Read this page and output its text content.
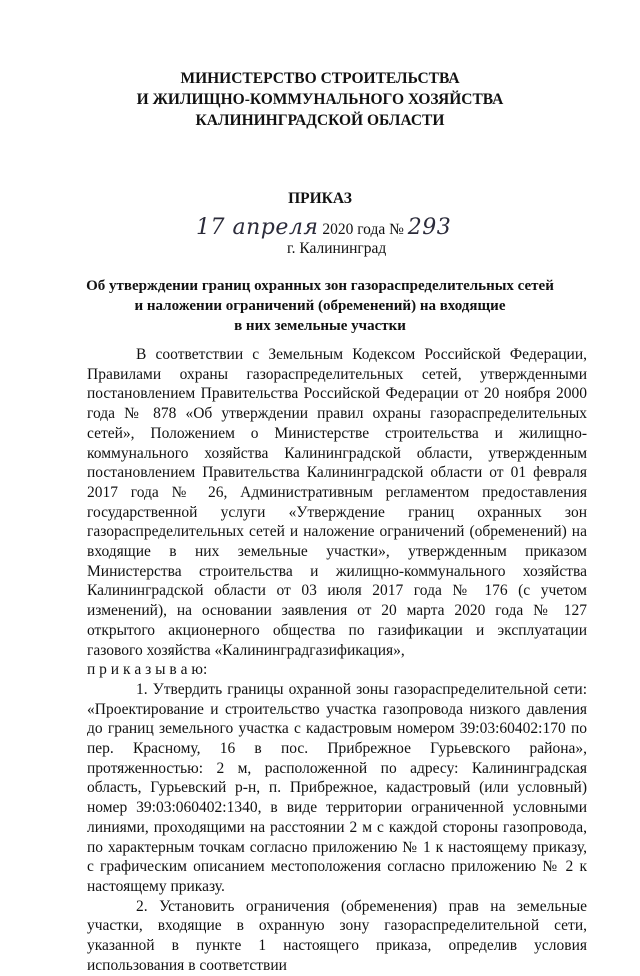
МИНИСТЕРСТВО СТРОИТЕЛЬСТВА
И ЖИЛИЩНО-КОММУНАЛЬНОГО ХОЗЯЙСТВА
КАЛИНИНГРАДСКОЙ ОБЛАСТИ
ПРИКАЗ
17 апреля 2020 года № 293
г. Калининград
Об утверждении границ охранных зон газораспределительных сетей
и наложении ограничений (обременений) на входящие
в них земельные участки

В соответствии с Земельным Кодексом Российской Федерации, Правилами охраны газораспределительных сетей, утвержденными постановлением Правительства Российской Федерации от 20 ноября 2000 года № 878 «Об утверждении правил охраны газораспределительных сетей», Положением о Министерстве строительства и жилищно-коммунального хозяйства Калининградской области, утвержденным постановлением Правительства Калининградской области от 01 февраля 2017 года № 26, Административным регламентом предоставления государственной услуги «Утверждение границ охранных зон газораспределительных сетей и наложение ограничений (обременений) на входящие в них земельные участки», утвержденным приказом Министерства строительства и жилищно-коммунального хозяйства Калининградской области от 03 июля 2017 года № 176 (с учетом изменений), на основании заявления от 20 марта 2020 года № 127 открытого акционерного общества по газификации и эксплуатации газового хозяйства «Калининградгазификация»,

п р и к а з ы в а ю:

1. Утвердить границы охранной зоны газораспределительной сети: «Проектирование и строительство участка газопровода низкого давления до границ земельного участка с кадастровым номером 39:03:60402:170 по пер. Красному, 16 в пос. Прибрежное Гурьевского района», протяженностью: 2 м, расположенной по адресу: Калининградская область, Гурьевский р-н, п. Прибрежное, кадастровый (или условный) номер 39:03:060402:1340, в виде территории ограниченной условными линиями, проходящими на расстоянии 2 м с каждой стороны газопровода, по характерным точкам согласно приложению № 1 к настоящему приказу, с графическим описанием местоположения согласно приложению № 2 к настоящему приказу.

2. Установить ограничения (обременения) прав на земельные участки, входящие в охранную зону газораспределительной сети, указанной в пункте 1 настоящего приказа, определив условия использования в соответствии
